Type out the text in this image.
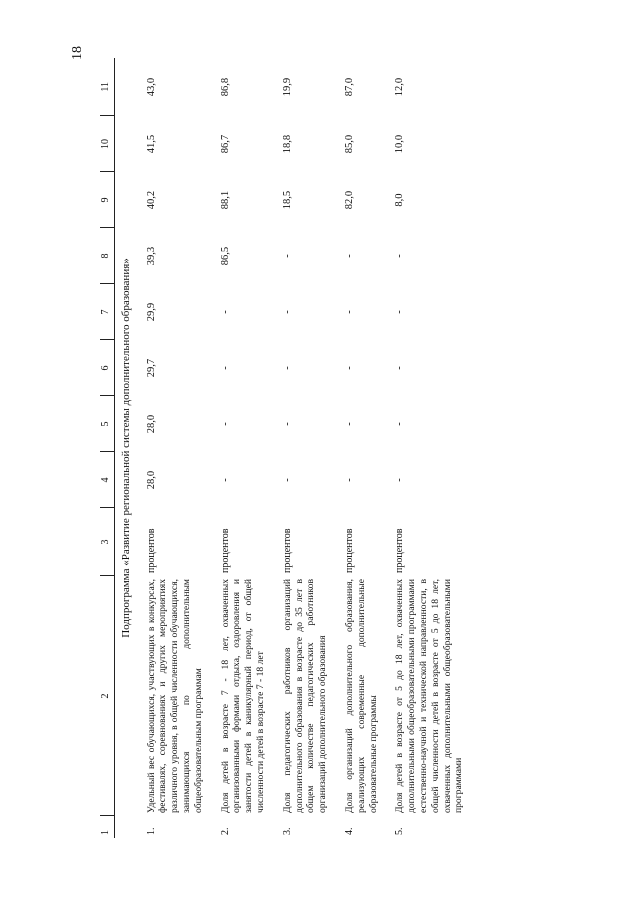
18
1	2	3	4	5	6	7	8	9	10	11
Подпрограмма «Развитие региональной системы дополнительного образования»										
1.	Удельный вес обучающихся, участвующих в конкурсах, фестивалях, соревнованиях и других мероприятиях различного уровня, в общей численности обучающихся, занимающихся по дополнительным общеобразовательным программам	процентов	28,0	28,0	29,7	29,9	39,3	40,2	41,5	43,0
2.	Доля детей в возрасте 7 - 18 лет, охваченных организованными формами отдыха, оздоровления и занятости детей в каникулярный период, от общей численности детей в возрасте 7 - 18 лет	процентов	-	-	-	-	86,5	88,1	86,7	86,8
3.	Доля педагогических работников организаций дополнительного образования в возрасте до 35 лет в общем количестве педагогических работников организаций дополнительного образования	процентов	-	-	-	-	-	18,5	18,8	19,9
4.	Доля организаций дополнительного образования, реализующих современные дополнительные образовательные программы	процентов	-	-	-	-	-	82,0	85,0	87,0
5.	Доля детей в возрасте от 5 до 18 лет, охваченных дополнительными общеобразовательными программами естественно-научной и технической направленности, в общей численности детей в возрасте от 5 до 18 лет, охваченных дополнительными общеобразовательными программами	процентов	-	-	-	-	-	8,0	10,0	12,0
